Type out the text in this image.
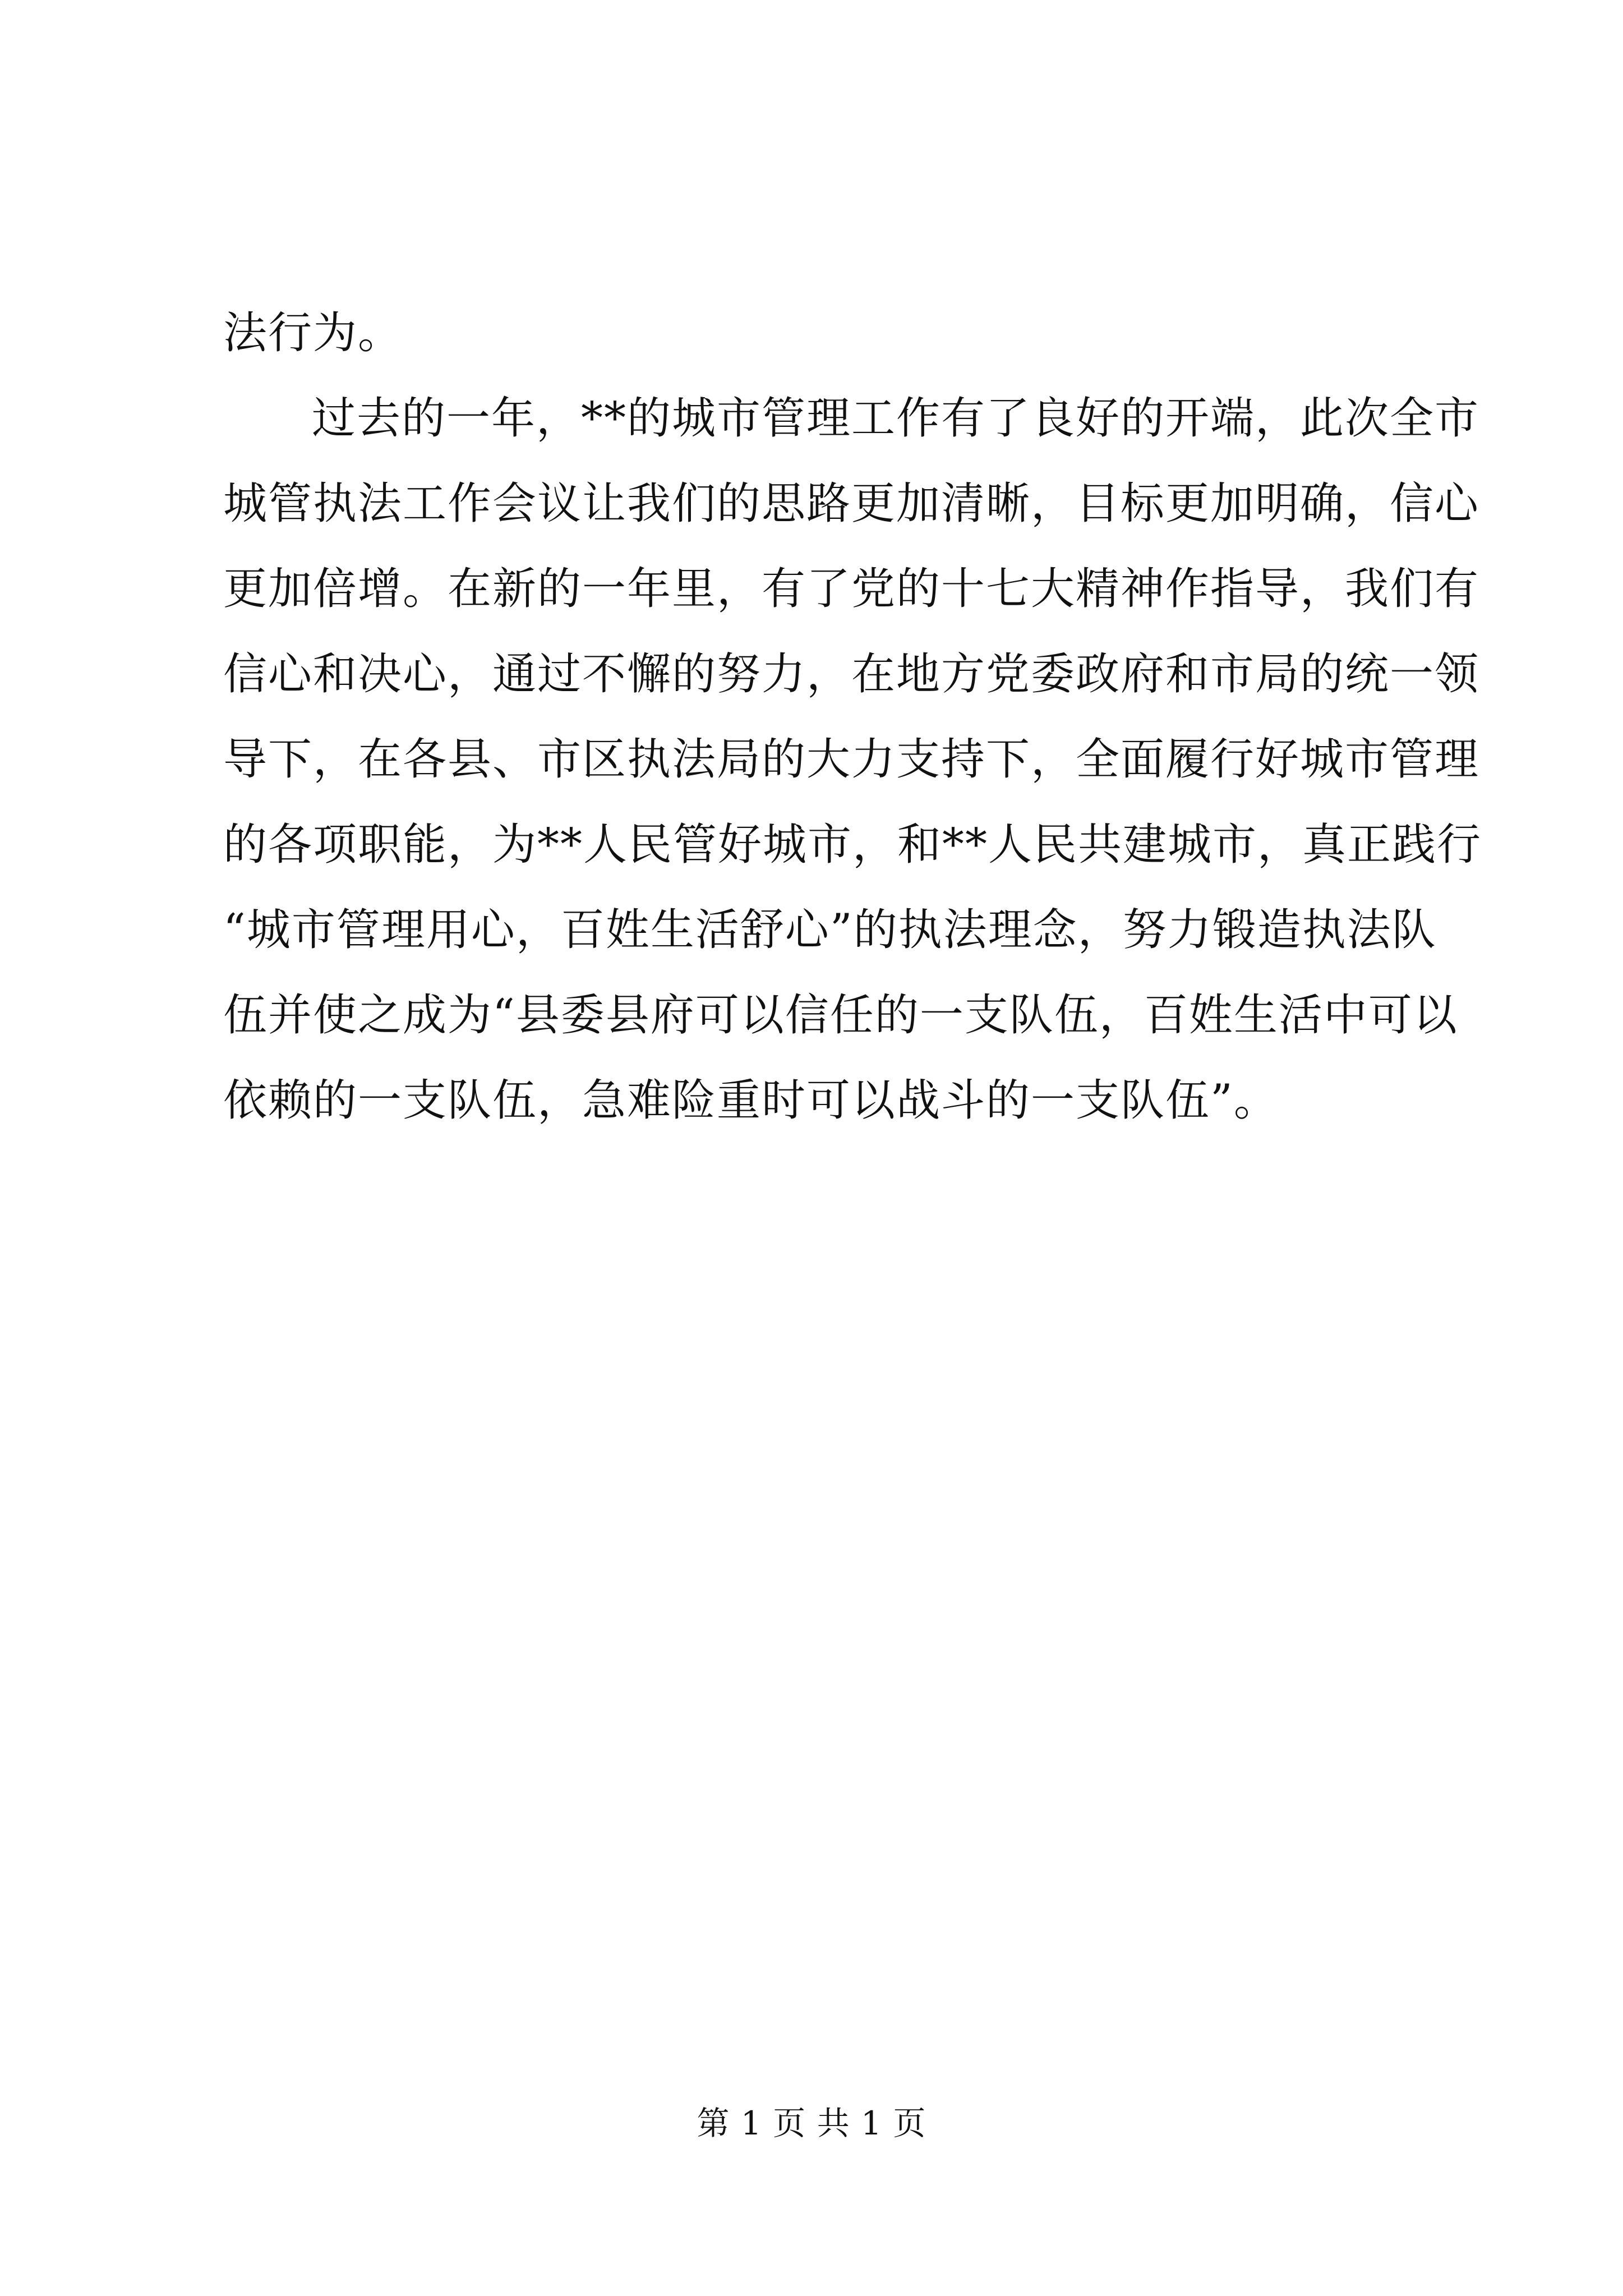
法行为。

过去的一年，**的城市管理工作有了良好的开端，此次全市

城管执法工作会议让我们的思路更加清晰，目标更加明确，信心

更加倍增。在新的一年里，有了党的十七大精神作指导，我们有

信心和决心，通过不懈的努力，在地方党委政府和市局的统一领

导下，在各县、市区执法局的大力支持下，全面履行好城市管理

的各项职能，为**人民管好城市，和**人民共建城市，真正践行

“城市管理用心，百姓生活舒心”的执法理念，努力锻造执法队

伍并使之成为“县委县府可以信任的一支队伍，百姓生活中可以

依赖的一支队伍，急难险重时可以战斗的一支队伍”。

第 1 页 共 1 页
